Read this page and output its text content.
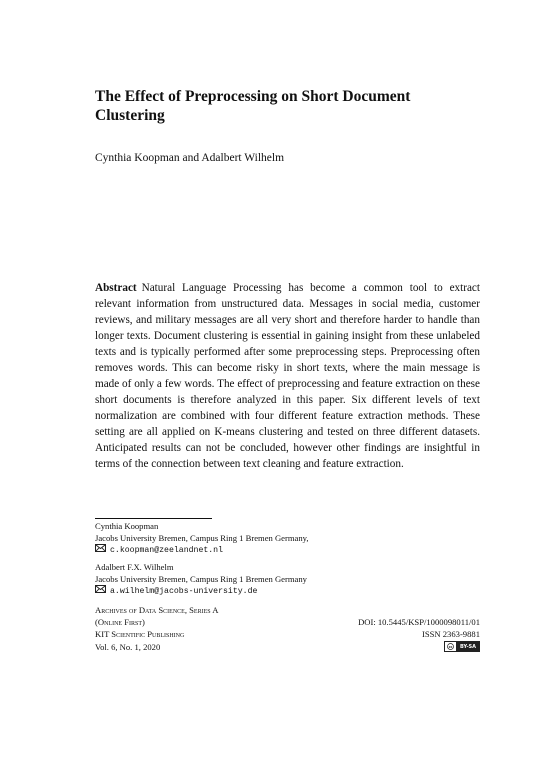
The Effect of Preprocessing on Short Document Clustering
Cynthia Koopman and Adalbert Wilhelm

Abstract Natural Language Processing has become a common tool to extract relevant information from unstructured data. Messages in social media, customer reviews, and military messages are all very short and therefore harder to handle than longer texts. Document clustering is essential in gaining insight from these unlabeled texts and is typically performed after some preprocessing steps. Preprocessing often removes words. This can become risky in short texts, where the main message is made of only a few words. The effect of preprocessing and feature extraction on these short documents is therefore analyzed in this paper. Six different levels of text normalization are combined with four different feature extraction methods. These setting are all applied on K-means clustering and tested on three different datasets. Anticipated results can not be concluded, however other findings are insightful in terms of the connection between text cleaning and feature extraction.

Cynthia Koopman
Jacobs University Bremen, Campus Ring 1 Bremen Germany,
c.koopman@zeelandnet.nl
Adalbert F.X. Wilhelm
Jacobs University Bremen, Campus Ring 1 Bremen Germany
a.wilhelm@jacobs-university.de
Archives of Data Science, Series A
(Online First)
KIT Scientific Publishing
Vol. 6, No. 1, 2020
DOI: 10.5445/KSP/1000098011/01
ISSN 2363-9881
cc	BY-SA
